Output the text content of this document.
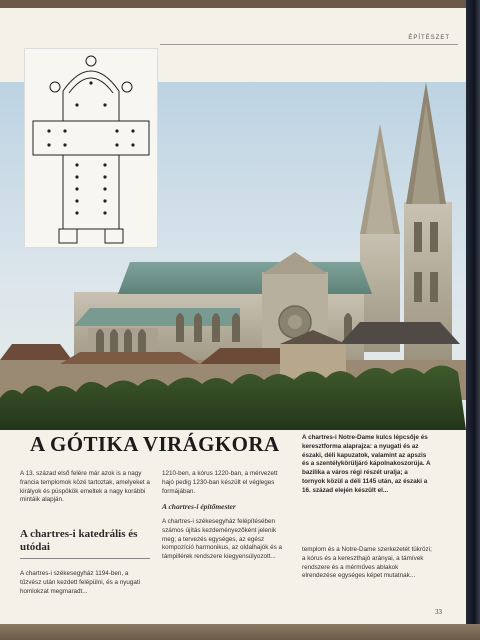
ÉPÍTÉSZET
A GÓTIKA VIRÁGKORA

A 13. század első felére már azok is a nagy francia templomok közé tartoztak, amelyeket a királyok és püspökök emeltek a nagy korábbi mintáik alapján.

A chartres-i katedrális és utódai

A chartres-i székesegyház 1194-ben, a tűzvész után kezdett felépülni, és a nyugati homlokzat megmaradt...

1210-ben, a kórus 1220-ban, a mérvezett hajó pedig 1230-ban készült el végleges formájában.

A chartres-i építőmester

A chartres-i székesegyház felépítésében számos újítás kezdeményezőként jelenik meg; a tervezés egységes, az egész kompozíció harmonikus, az oldalhajók és a támpillérek rendszere kiegyensúlyozott...

A chartres-i Notre-Dame kulcs lépcsője és keresztforma alaprajza: a nyugati és az északi, déli kapuzatok, valamint az apszis és a szentélykörüljáró kápolnakoszorúja. A bazilika a város régi részét uralja; a tornyok közül a déli 1145 után, az északi a 16. század elején készült el...

templom és a Notre-Dame szerkezetét tükrözi; a kórus és a kereszthajó arányai, a támívek rendszere és a mérműves ablakok elrendezése egységes képet mutatnak...

33
